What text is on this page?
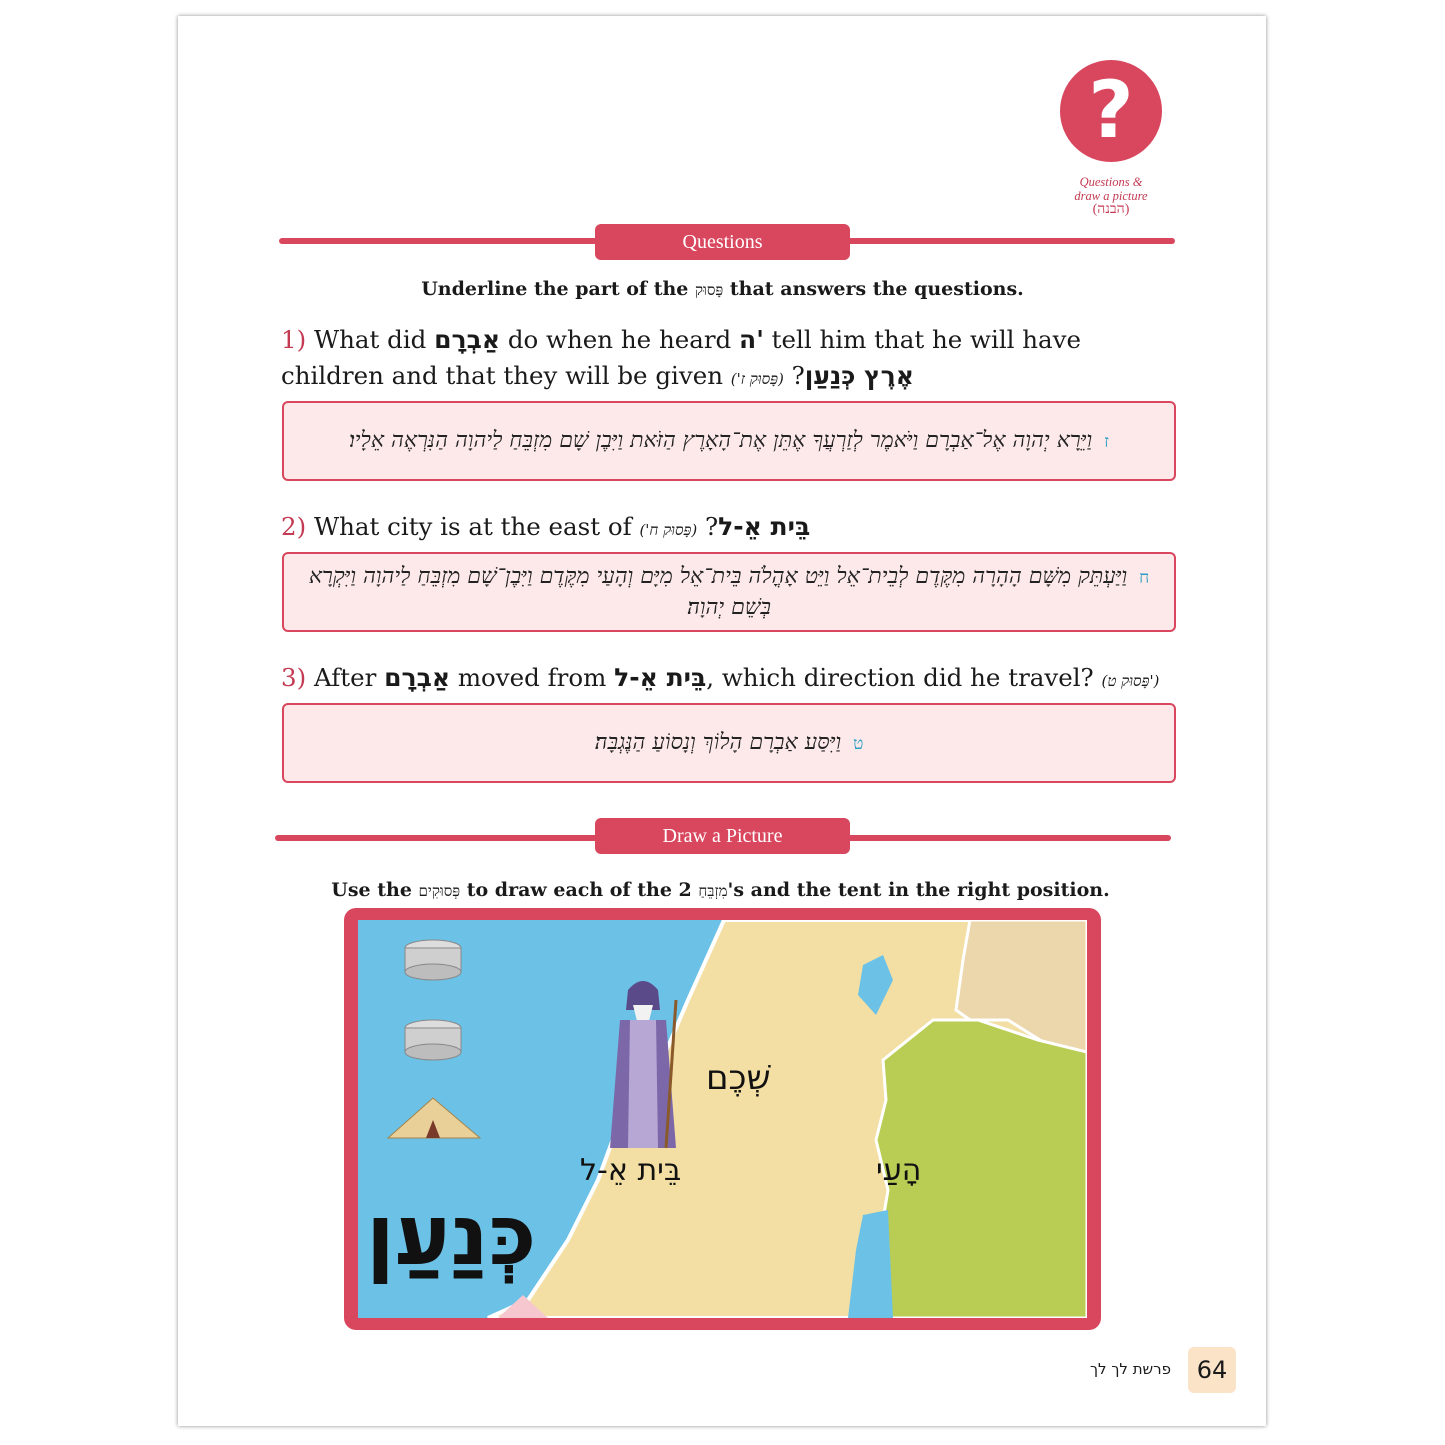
?
Questions &
draw a picture
(הבנה)
Questions
Underline the part of the פָּסוּק that answers the questions.
1) What did אַבְרָם do when he heard ה' tell him that he will have children and that they will be given	אֶרֶץ כְּנַעַן? (פָּסוּק ז')
זוַיֵּרָא יְהוָה אֶל־אַבְרָם וַיֹּאמֶר לְזַרְעֲךָ אֶתֵּן אֶת־הָאָרֶץ הַזֹּאת וַיִּבֶן שָׁם מִזְבֵּחַ לַיהוָה הַנִּרְאֶה אֵלָיו׃
2) What city is at the east of	בֵּית אֵ-ל? (פָּסוּק ח')
חוַיַּעְתֵּק מִשָּׁם הָהָרָה מִקֶּדֶם לְבֵית־אֵל וַיֵּט אָהֳלֹה בֵּית־אֵל מִיָּם וְהָעַי מִקֶּדֶם וַיִּבֶן־שָׁם מִזְבֵּחַ לַיהוָה וַיִּקְרָא בְּשֵׁם יְהוָה׃
3) After אַבְרָם moved from בֵּית אֵ-ל, which direction did he travel? (פָּסוּק ט')
טוַיִּסַּע אַבְרָם הָלוֹךְ וְנָסוֹעַ הַנֶּגְבָּה׃
Draw a Picture
Use the פְּסוּקִים to draw each of the 2 מִזְבֵּחַ's and the tent in the right position.
שְׁכֶם
בֵּית אֵ-ל	הָעַי
כְּנַעַן
פרשת לך לך	64
